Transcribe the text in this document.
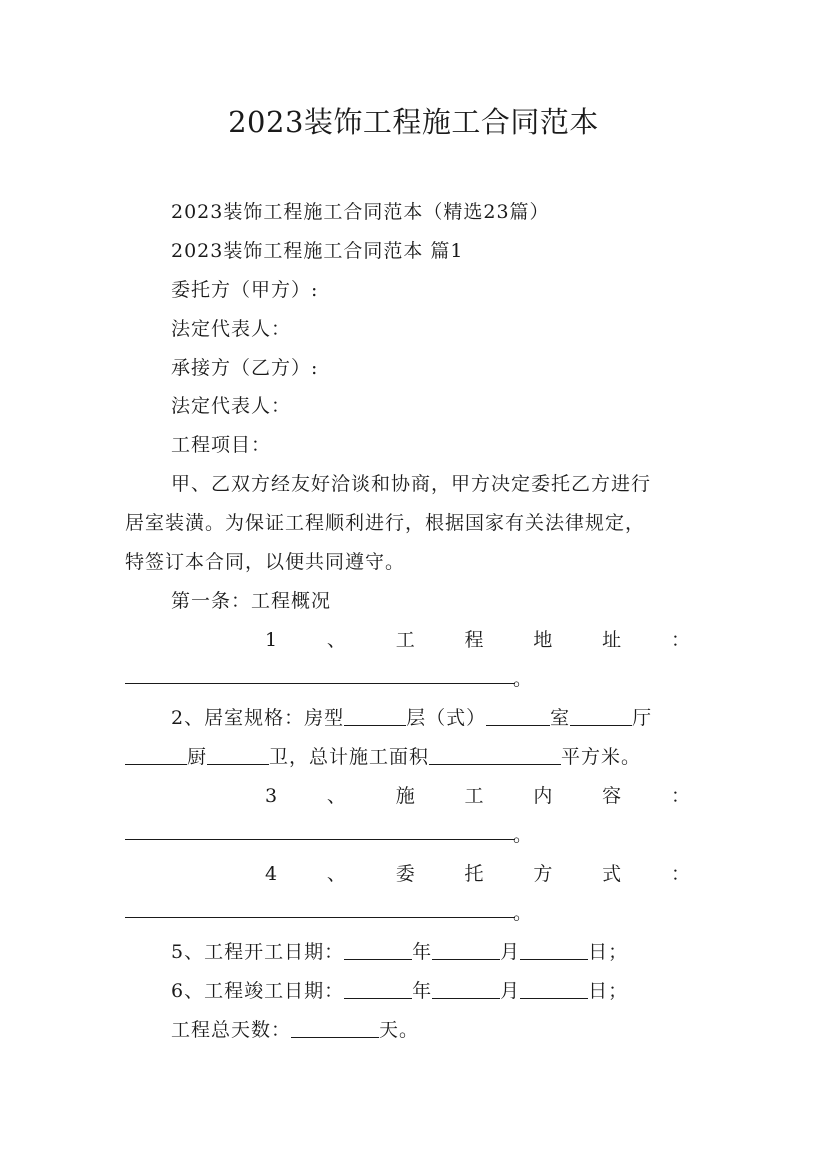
2023装饰工程施工合同范本
2023装饰工程施工合同范本（精选23篇）
2023装饰工程施工合同范本 篇1
委托方（甲方）:
法定代表人：
承接方（乙方）:
法定代表人：
工程项目：
甲、乙双方经友好洽谈和协商，甲方决定委托乙方进行
居室装潢。为保证工程顺利进行，根据国家有关法律规定，
特签订本合同，以便共同遵守。
第一条：工程概况
1	、	工	程	地	址	：
。
2、居室规格：房型	层（式）	室	厅
厨	卫，总计施工面积	平方米。
3	、	施	工	内	容	：
。
4	、	委	托	方	式	：
。
5、工程开工日期：	年	月	日；
6、工程竣工日期：	年	月	日；
工程总天数：	天。
